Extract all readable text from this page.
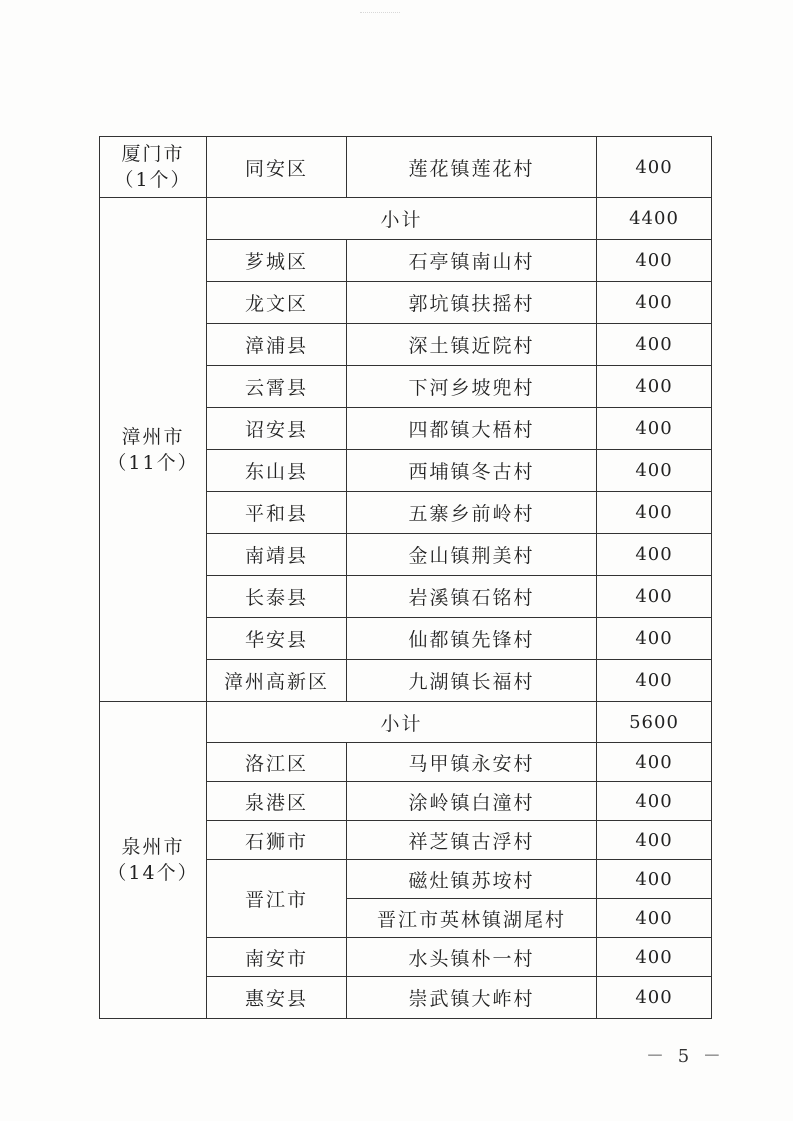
厦门市
（1个）	同安区	莲花镇莲花村	400

漳州市
（11个）	小计		4400
	芗城区	石亭镇南山村	400
	龙文区	郭坑镇扶摇村	400
	漳浦县	深土镇近院村	400
	云霄县	下河乡坡兜村	400
	诏安县	四都镇大梧村	400
	东山县	西埔镇冬古村	400
	平和县	五寨乡前岭村	400
	南靖县	金山镇荆美村	400
	长泰县	岩溪镇石铭村	400
	华安县	仙都镇先锋村	400
	漳州高新区	九湖镇长福村	400

泉州市
（14个）	小计		5600
	洛江区	马甲镇永安村	400
	泉港区	涂岭镇白潼村	400
	石狮市	祥芝镇古浮村	400
	晋江市	磁灶镇苏垵村	400
		晋江市英林镇湖尾村	400
	南安市	水头镇朴一村	400
	惠安县	崇武镇大岞村	400
－ 5 －
